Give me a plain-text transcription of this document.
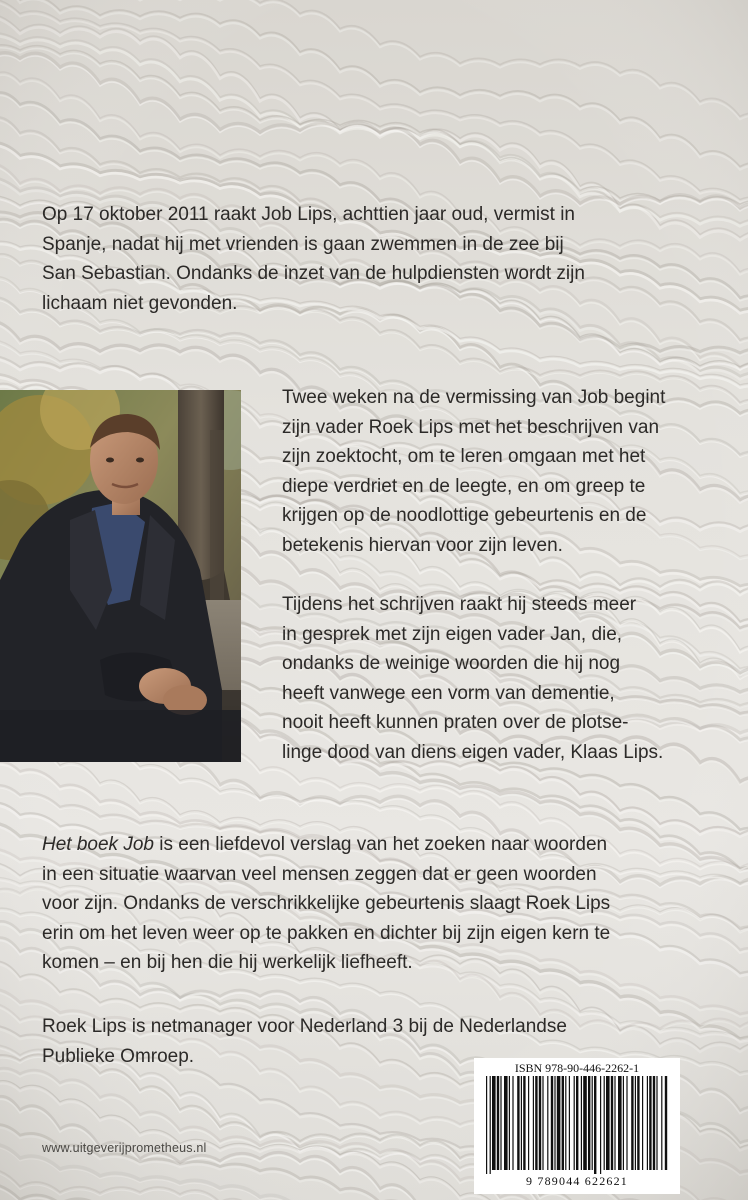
Op 17 oktober 2011 raakt Job Lips, achttien jaar oud, vermist in
Spanje, nadat hij met vrienden is gaan zwemmen in de zee bij
San Sebastian. Ondanks de inzet van de hulpdiensten wordt zijn
lichaam niet gevonden.

Twee weken na de vermissing van Job begint
zijn vader Roek Lips met het beschrijven van
zijn zoektocht, om te leren omgaan met het
diepe verdriet en de leegte, en om greep te
krijgen op de noodlottige gebeurtenis en de
betekenis hiervan voor zijn leven.

Tijdens het schrijven raakt hij steeds meer
in gesprek met zijn eigen vader Jan, die,
ondanks de weinige woorden die hij nog
heeft vanwege een vorm van dementie,
nooit heeft kunnen praten over de plotse-
linge dood van diens eigen vader, Klaas Lips.

Het boek Job is een liefdevol verslag van het zoeken naar woorden
in een situatie waarvan veel mensen zeggen dat er geen woorden
voor zijn. Ondanks de verschrikkelijke gebeurtenis slaagt Roek Lips
erin om het leven weer op te pakken en dichter bij zijn eigen kern te
komen – en bij hen die hij werkelijk liefheeft.

Roek Lips is netmanager voor Nederland 3 bij de Nederlandse
Publieke Omroep.

www.uitgeverijprometheus.nl
ISBN 978-90-446-2262-1
9 789044 622621
